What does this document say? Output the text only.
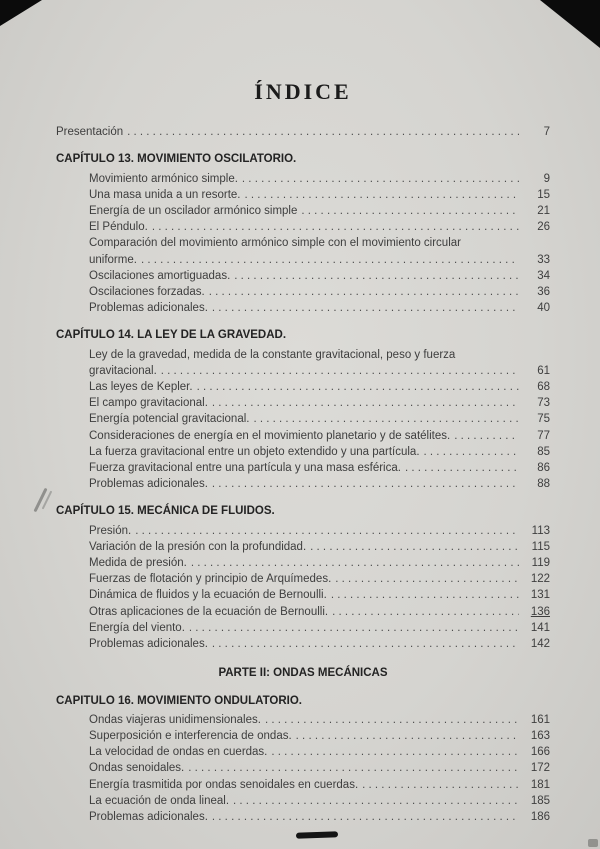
ÍNDICE
Presentación . . .	7
CAPÍTULO 13. MOVIMIENTO OSCILATORIO.
Movimiento armónico simple. . . .	9
Una masa unida a un resorte. . . .	15
Energía de un oscilador armónico simple . . .	21
El Péndulo. . . .	26
Comparación del movimiento armónico simple con el movimiento circular
uniforme. . . .	33
Oscilaciones amortiguadas. . . .	34
Oscilaciones forzadas. . . .	36
Problemas adicionales. . . .	40
CAPÍTULO 14. LA LEY DE LA GRAVEDAD.
Ley de la gravedad, medida de la constante gravitacional, peso y fuerza
gravitacional. . . .	61
Las leyes de Kepler. . . .	68
El campo gravitacional. . . .	73
Energía potencial gravitacional. . . .	75
Consideraciones de energía en el movimiento planetario y de satélites. . . .	77
La fuerza gravitacional entre un objeto extendido y una partícula. . . .	85
Fuerza gravitacional entre una partícula y una masa esférica. . . .	86
Problemas adicionales. . . .	88
CAPÍTULO 15. MECÁNICA DE FLUIDOS.
Presión. . . .	113
Variación de la presión con la profundidad. . . .	115
Medida de presión. . . .	119
Fuerzas de flotación y principio de Arquímedes. . . .	122
Dinámica de fluidos y la ecuación de Bernoulli. . . .	131
Otras aplicaciones de la ecuación de Bernoulli. . . .	136
Energía del viento. . . .	141
Problemas adicionales. . . .	142
PARTE II: ONDAS MECÁNICAS
CAPITULO 16. MOVIMIENTO ONDULATORIO.
Ondas viajeras unidimensionales. . . .	161
Superposición e interferencia de ondas. . . .	163
La velocidad de ondas en cuerdas. . . .	166
Ondas senoidales. . . .	172
Energía trasmitida por ondas senoidales en cuerdas. . . .	181
La ecuación de onda lineal. . . .	185
Problemas adicionales. . . .	186
